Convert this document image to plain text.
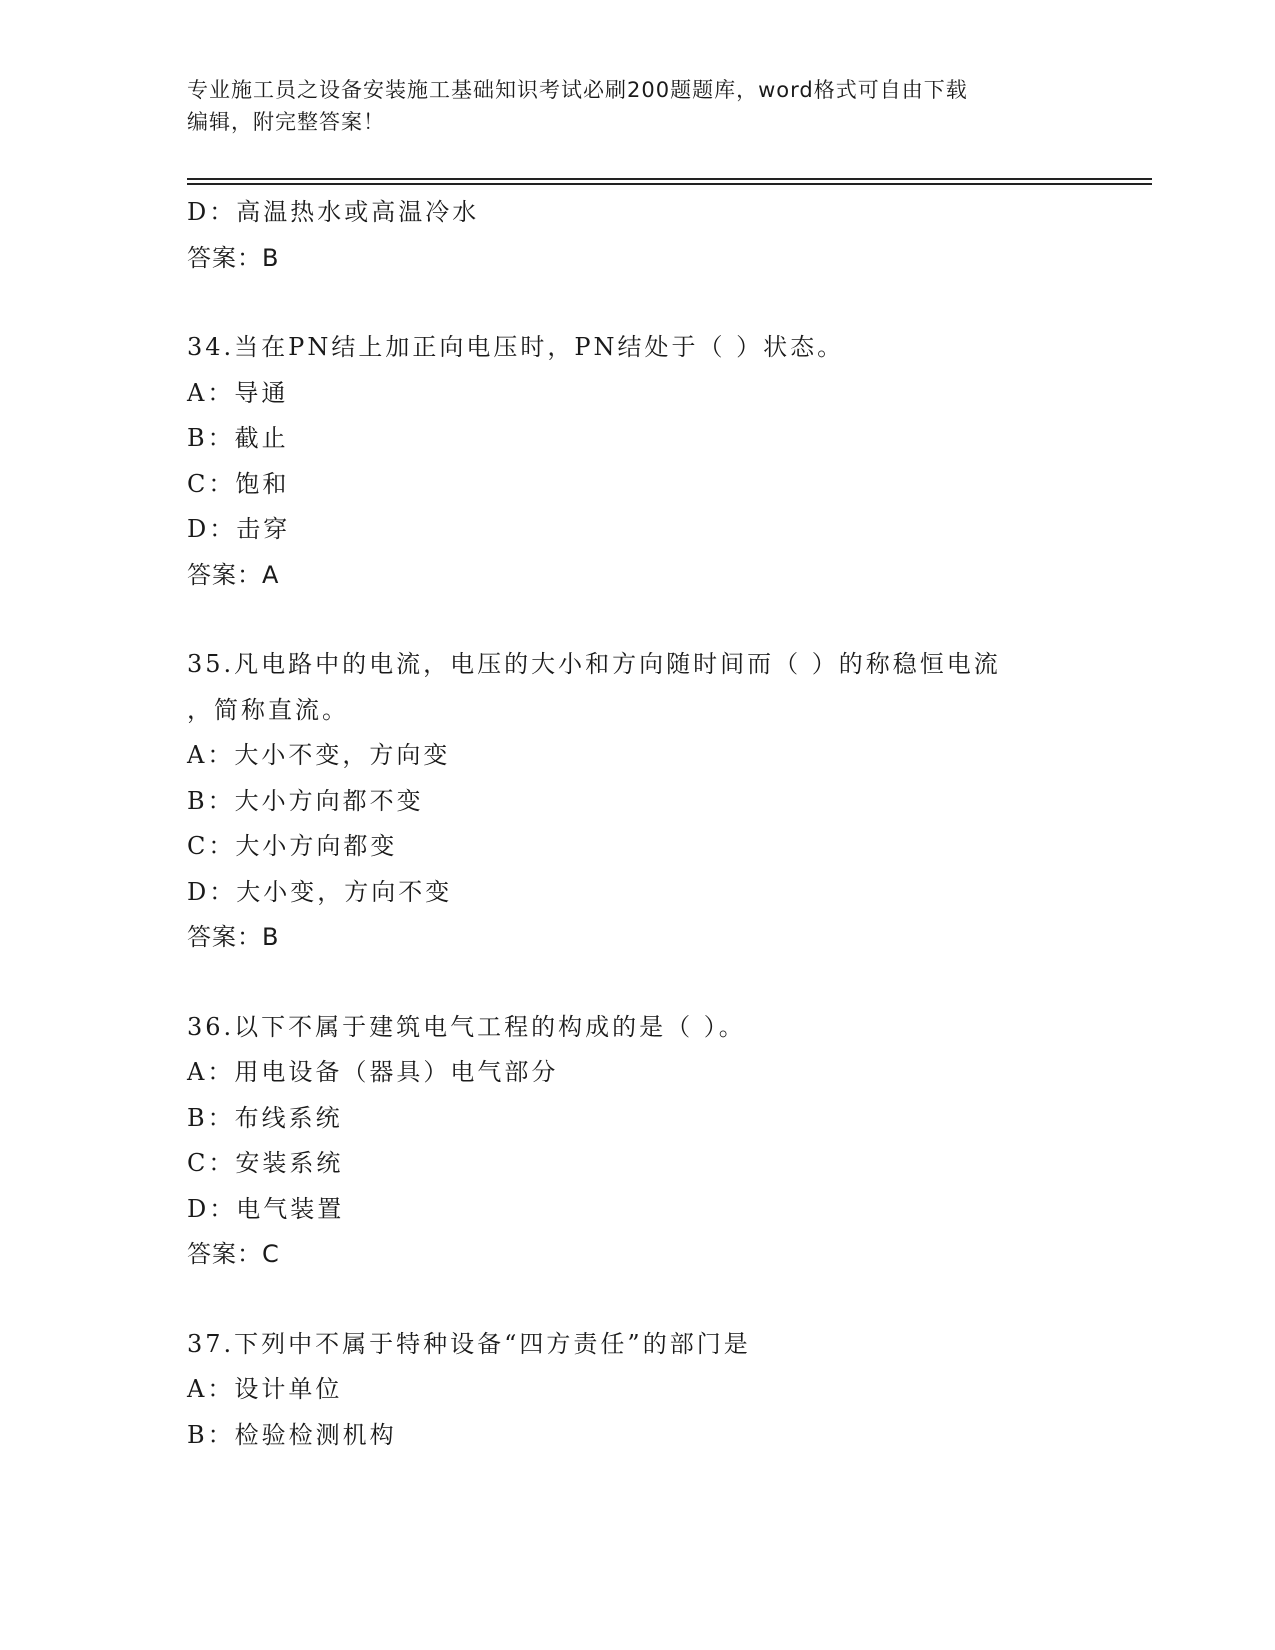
专业施工员之设备安装施工基础知识考试必刷200题题库，word格式可自由下载
编辑，附完整答案！
D：高温热水或高温冷水
答案：B
34.当在PN结上加正向电压时，PN结处于（ ）状态。
A：导通
B：截止
C：饱和
D：击穿
答案：A
35.凡电路中的电流，电压的大小和方向随时间而（ ）的称稳恒电流
，简称直流。
A：大小不变，方向变
B：大小方向都不变
C：大小方向都变
D：大小变，方向不变
答案：B
36.以下不属于建筑电气工程的构成的是（ ）。
A：用电设备（器具）电气部分
B：布线系统
C：安装系统
D：电气装置
答案：C
37.下列中不属于特种设备“四方责任”的部门是
A：设计单位
B：检验检测机构
